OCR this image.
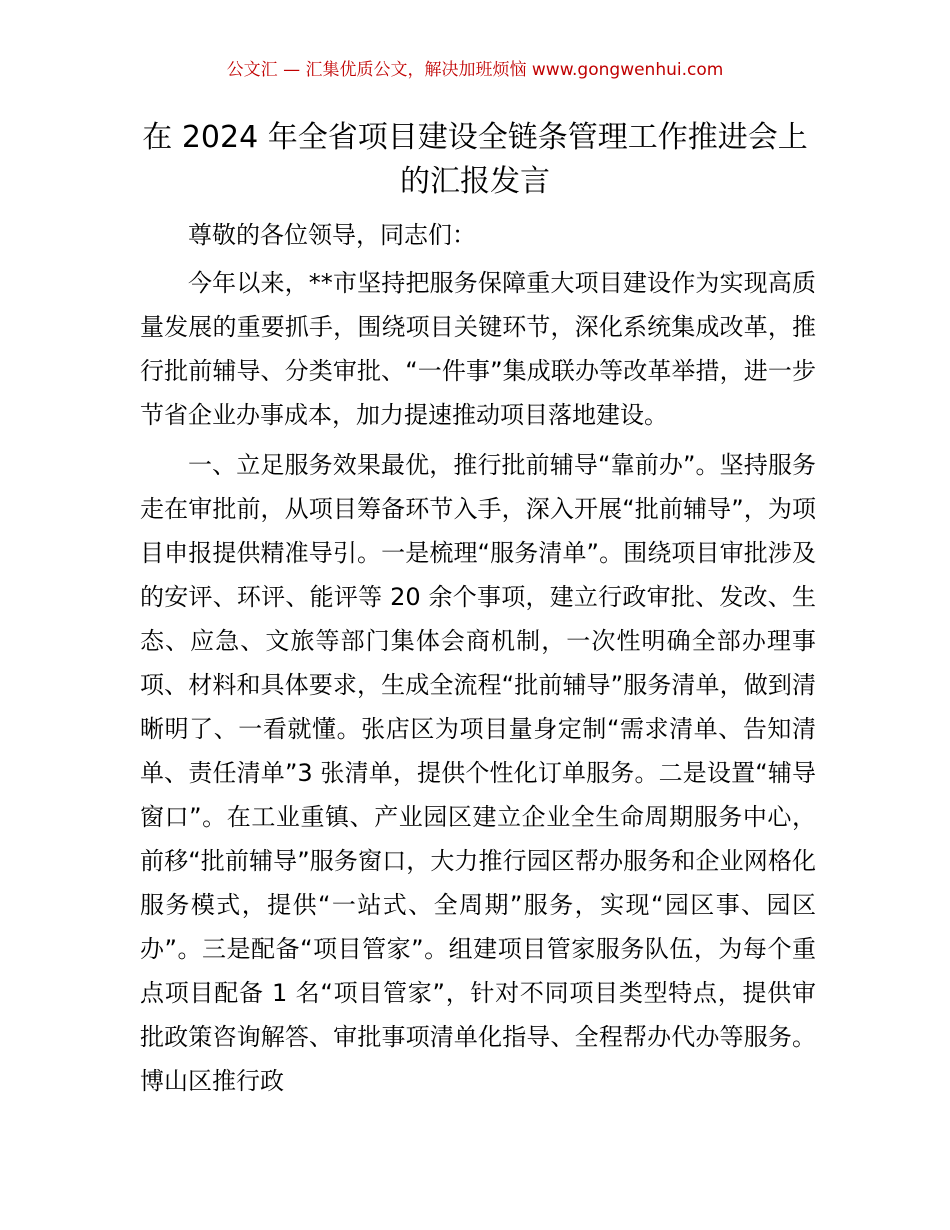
公文汇 — 汇集优质公文，解决加班烦恼 www.gongwenhui.com
在 2024 年全省项目建设全链条管理工作推进会上的汇报发言

尊敬的各位领导，同志们：

今年以来，**市坚持把服务保障重大项目建设作为实现高质量发展的重要抓手，围绕项目关键环节，深化系统集成改革，推行批前辅导、分类审批、“一件事”集成联办等改革举措，进一步节省企业办事成本，加力提速推动项目落地建设。

一、立足服务效果最优，推行批前辅导“靠前办”。坚持服务走在审批前，从项目筹备环节入手，深入开展“批前辅导”，为项目申报提供精准导引。一是梳理“服务清单”。围绕项目审批涉及的安评、环评、能评等 20 余个事项，建立行政审批、发改、生态、应急、文旅等部门集体会商机制，一次性明确全部办理事项、材料和具体要求，生成全流程“批前辅导”服务清单，做到清晰明了、一看就懂。张店区为项目量身定制“需求清单、告知清单、责任清单”3 张清单，提供个性化订单服务。二是设置“辅导窗口”。在工业重镇、产业园区建立企业全生命周期服务中心，前移“批前辅导”服务窗口，大力推行园区帮办服务和企业网格化服务模式，提供“一站式、全周期”服务，实现“园区事、园区办”。三是配备“项目管家”。组建项目管家服务队伍，为每个重点项目配备 1 名“项目管家”，针对不同项目类型特点，提供审批政策咨询解答、审批事项清单化指导、全程帮办代办等服务。博山区推行政
